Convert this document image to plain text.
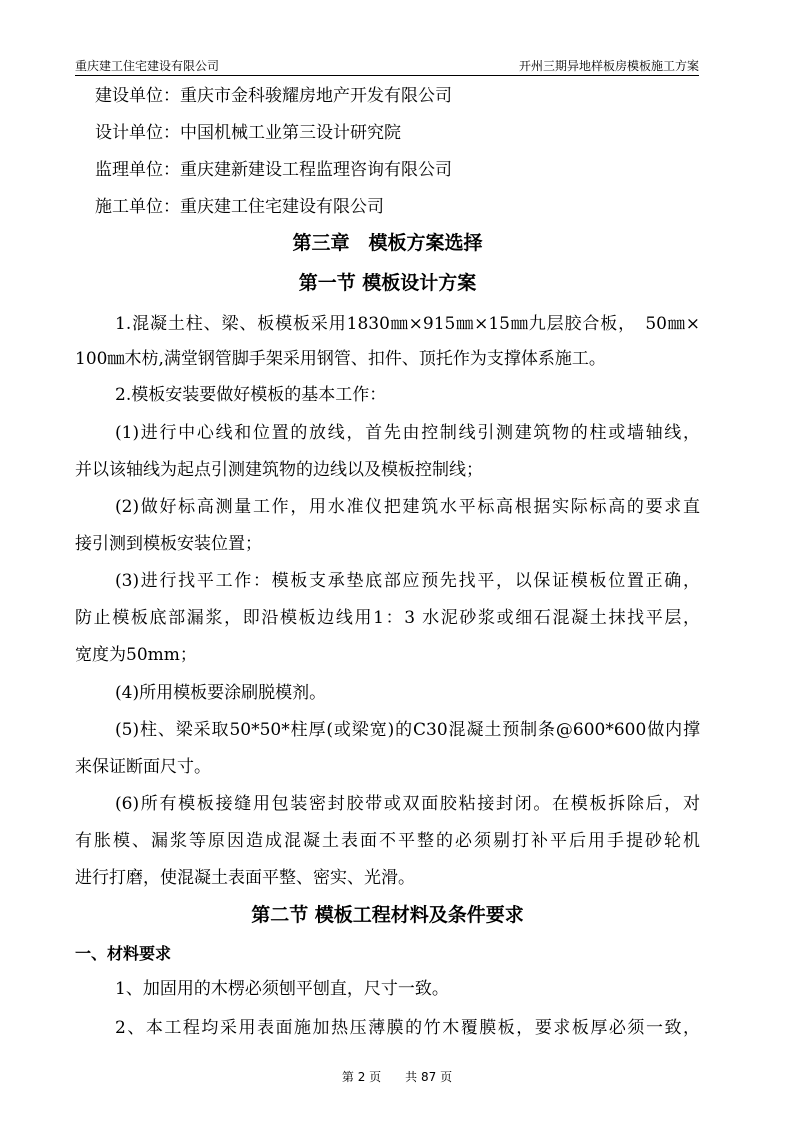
重庆建工住宅建设有限公司	开州三期异地样板房模板施工方案
建设单位：重庆市金科骏耀房地产开发有限公司
设计单位：中国机械工业第三设计研究院
监理单位：重庆建新建设工程监理咨询有限公司
施工单位：重庆建工住宅建设有限公司
第三章　模板方案选择
第一节 模板设计方案
1.混凝土柱、梁、板模板采用1830㎜×915㎜×15㎜九层胶合板，　50㎜×
100㎜木枋,满堂钢管脚手架采用钢管、扣件、顶托作为支撑体系施工。
2.模板安装要做好模板的基本工作：
(1)进行中心线和位置的放线，首先由控制线引测建筑物的柱或墙轴线，
并以该轴线为起点引测建筑物的边线以及模板控制线；
(2)做好标高测量工作，用水准仪把建筑水平标高根据实际标高的要求直
接引测到模板安装位置；
(3)进行找平工作：模板支承垫底部应预先找平，以保证模板位置正确，
防止模板底部漏浆，即沿模板边线用1：3 水泥砂浆或细石混凝土抹找平层，
宽度为50mm；
(4)所用模板要涂刷脱模剂。
(5)柱、梁采取50*50*柱厚(或梁宽)的C30混凝土预制条@600*600做内撑
来保证断面尺寸。
(6)所有模板接缝用包装密封胶带或双面胶粘接封闭。在模板拆除后，对
有胀模、漏浆等原因造成混凝土表面不平整的必须剔打补平后用手提砂轮机
进行打磨，使混凝土表面平整、密实、光滑。
第二节 模板工程材料及条件要求
一、材料要求
1、加固用的木楞必须刨平刨直，尺寸一致。
2、本工程均采用表面施加热压薄膜的竹木覆膜板，要求板厚必须一致，
第 2 页　　共 87 页
